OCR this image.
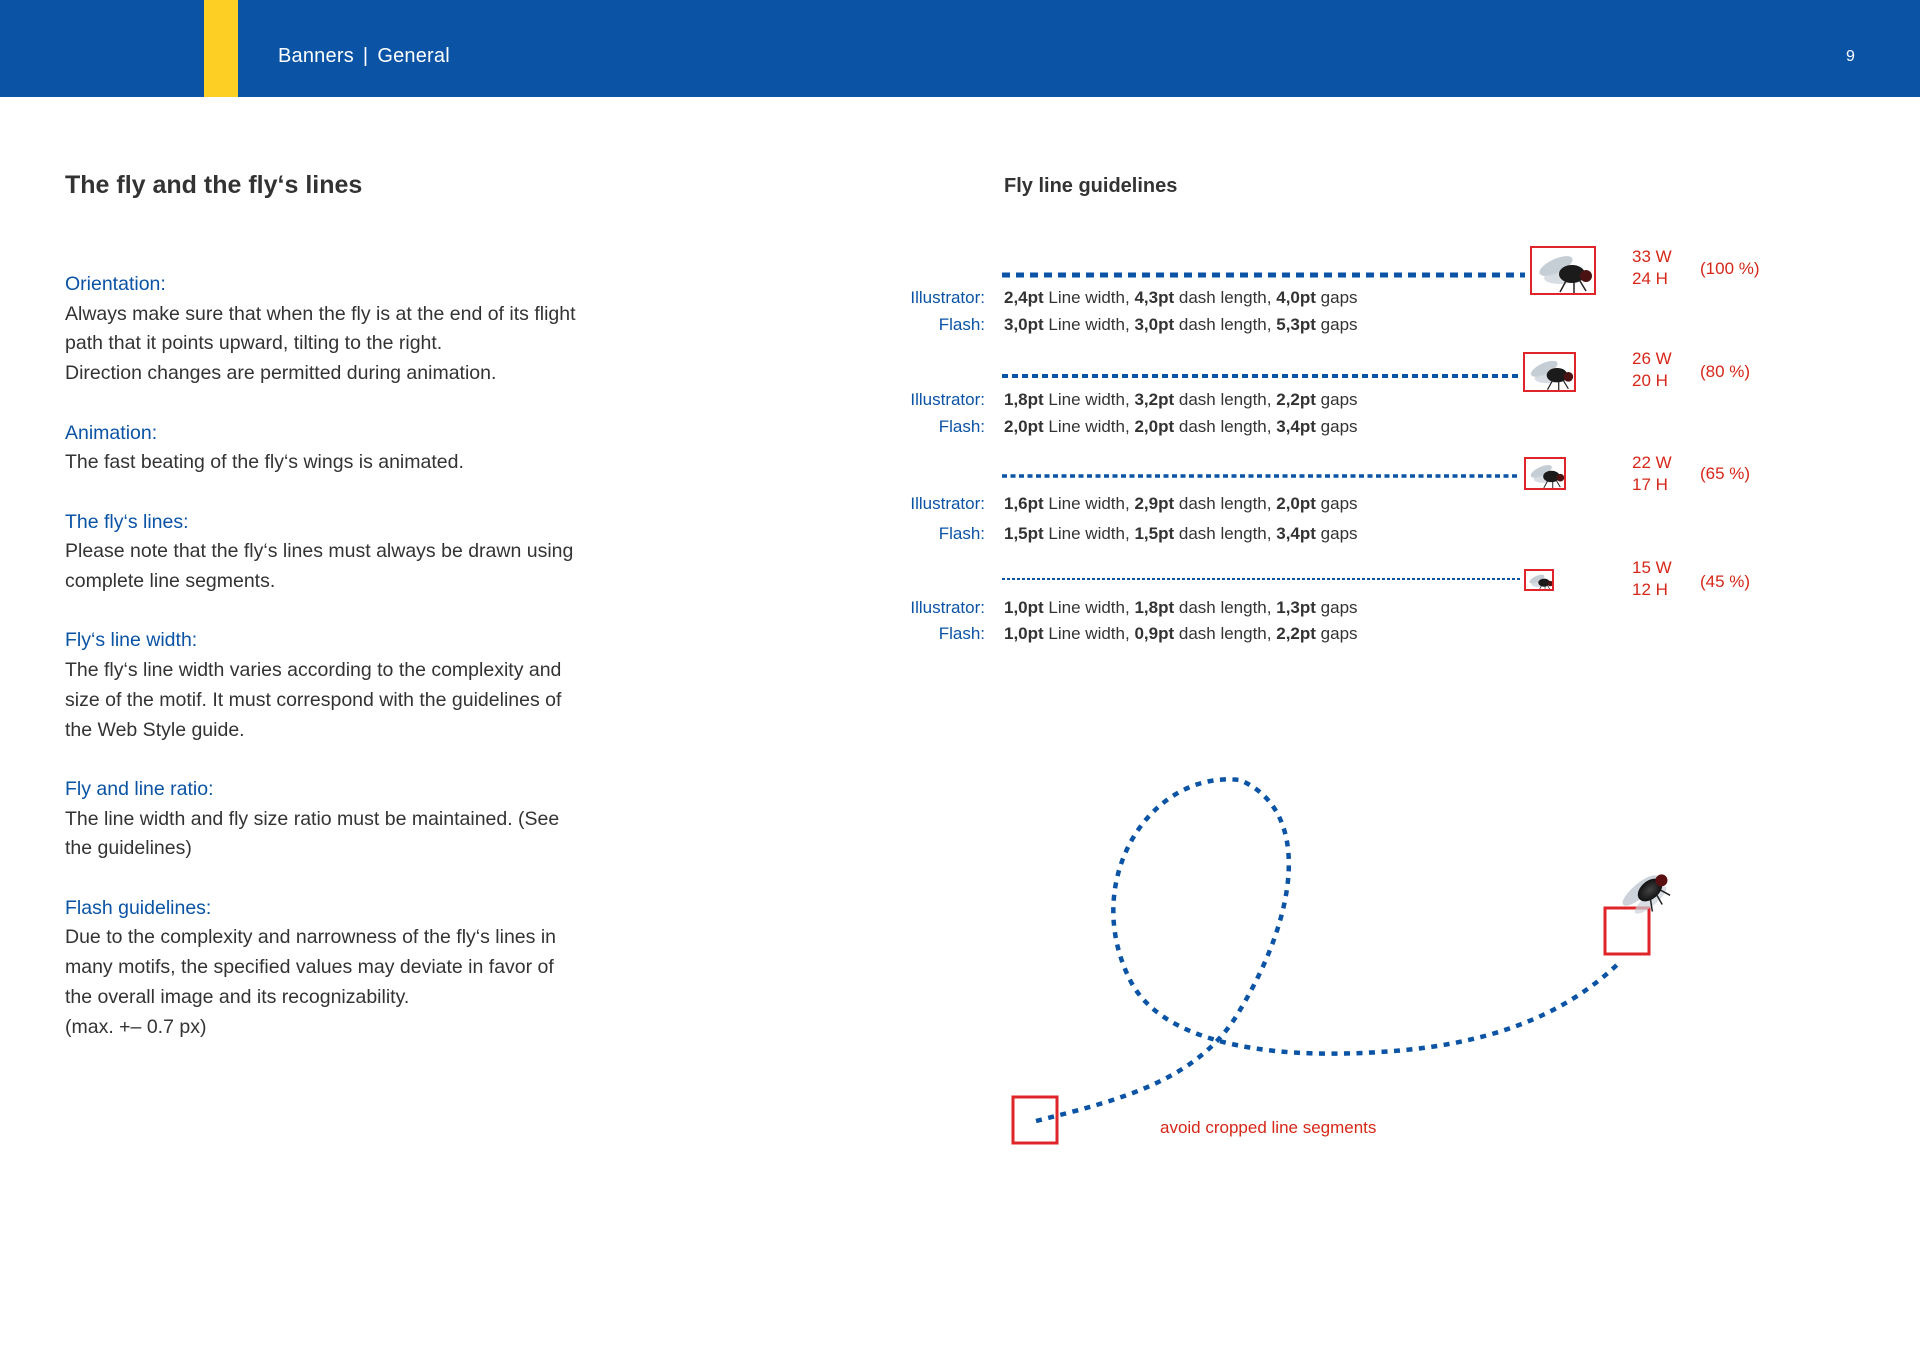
Banners | General	9
The fly and the fly‘s lines
Orientation:
Always make sure that when the fly is at the end of its flight
path that it points upward, tilting to the right.
Direction changes are permitted during animation.
Animation:
The fast beating of the fly‘s wings is animated.
The fly‘s lines:
Please note that the fly‘s lines must always be drawn using
complete line segments.
Fly‘s line width:
The fly‘s line width varies according to the complexity and
size of the motif. It must correspond with the guidelines of
the Web Style guide.
Fly and line ratio:
The line width and fly size ratio must be maintained. (See
the guidelines)
Flash guidelines:
Due to the complexity and narrowness of the fly‘s lines in
many motifs, the specified values may deviate in favor of
the overall image and its recognizability.
(max. +– 0.7 px)
Fly line guidelines
Illustrator:
Flash:
2,4pt Line width, 4,3pt dash length, 4,0pt gaps
3,0pt Line width, 3,0pt dash length, 5,3pt gaps
33 W
24 H
(100 %)
Illustrator:
Flash:
1,8pt Line width, 3,2pt dash length, 2,2pt gaps
2,0pt Line width, 2,0pt dash length, 3,4pt gaps
26 W
20 H (80 %)
Illustrator:
Flash:
1,6pt Line width, 2,9pt dash length, 2,0pt gaps
1,5pt Line width, 1,5pt dash length, 3,4pt gaps
22 W
17 H
(65 %)
Illustrator:
Flash:
1,0pt Line width, 1,8pt dash length, 1,3pt gaps
1,0pt Line width, 0,9pt dash length, 2,2pt gaps
15 W
12 H (45 %)
avoid cropped line segments
